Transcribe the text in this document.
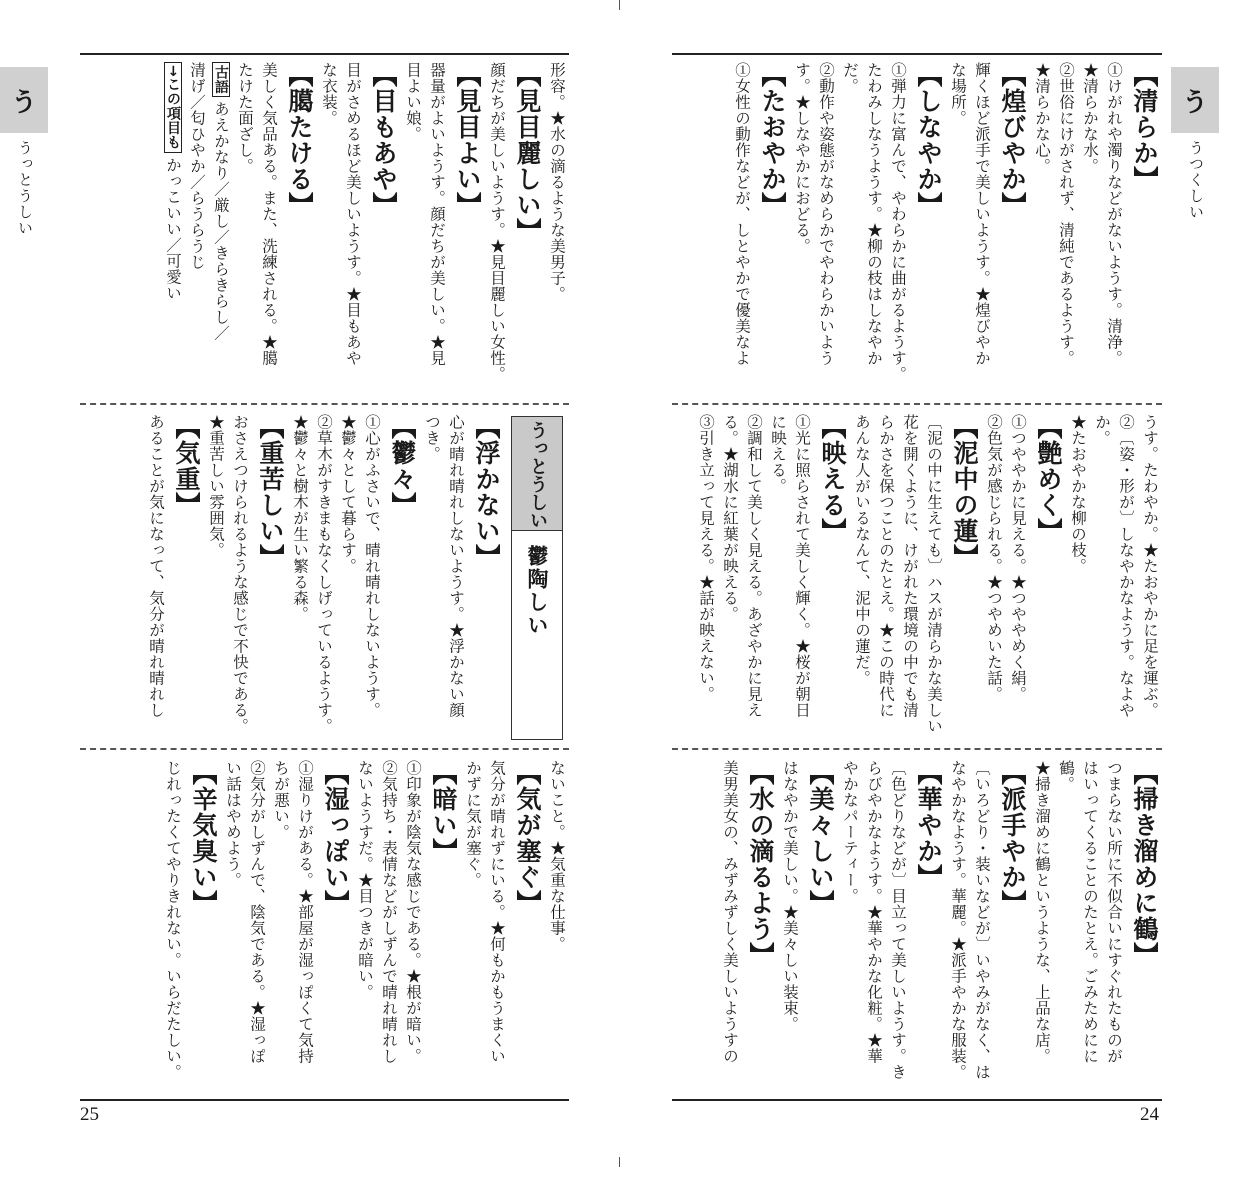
25
う
うっとうしい	形容。★水の滴るような美男子。
【見目麗しい】
顔だちが美しいようす。★見目麗しい女性。
【見目よい】
器量がよいようす。顔だちが美しい。★見
目よい娘。
【目もあや】
目がさめるほど美しいようす。★目もあや
な衣装。
【臈たける】
美しく気品ある。また、洗練される。★臈
たけた面ざし。
古語あえかなり／厳し／きらきらし／
清げ／匂ひやか／らうらうじ
→この項目もかっこいい／可愛い
【浮かない】
心が晴れ晴れしないようす。★浮かない顔
つき。
【鬱々】
①心がふさいで、晴れ晴れしないようす。
★鬱々として暮らす。
②草木がすきまもなくしげっているようす。
★鬱々と樹木が生い繁る森。
【重苦しい】
おさえつけられるような感じで不快である。
★重苦しい雰囲気。
【気重】
あることが気になって、気分が晴れ晴れし
ないこと。★気重な仕事。
【気が塞ぐ】
気分が晴れずにいる。★何もかもうまくい
かずに気が塞ぐ。
【暗い】
①印象が陰気な感じである。★根が暗い。
②気持ち・表情などがしずんで晴れ晴れし
ないようすだ。★目つきが暗い。
【湿っぽい】
①湿りけがある。★部屋が湿っぽくて気持
ちが悪い。
②気分がしずんで、陰気である。★湿っぽ
い話はやめよう。
【辛気臭い】
じれったくてやりきれない。いらだたしい。
うっとうしい
鬱陶しい
24
う
うつくしい
【清らか】
①けがれや濁りなどがないようす。清浄。
★清らかな水。
②世俗にけがされず、清純であるようす。
★清らかな心。
【煌びやか】
輝くほど派手で美しいようす。★煌びやか
な場所。
【しなやか】
①弾力に富んで、やわらかに曲がるようす。
たわみしなうようす。★柳の枝はしなやか
だ。
②動作や姿態がなめらかでやわらかいよう
す。★しなやかにおどる。
【たおやか】
①女性の動作などが、しとやかで優美なよ
うす。たわやか。★たおやかに足を運ぶ。
②〔姿・形が〕しなやかなようす。なよやか。
★たおやかな柳の枝。
【艶めく】
①つややかに見える。★つややめく絹。
②色気が感じられる。★つやめいた話。
【泥中の蓮】
〔泥の中に生えても〕ハスが清らかな美しい
花を開くように、けがれた環境の中でも清
らかさを保つことのたとえ。★この時代に
あんな人がいるなんて、泥中の蓮だ。
【映える】
①光に照らされて美しく輝く。★桜が朝日
に映える。
②調和して美しく見える。あざやかに見え
る。★湖水に紅葉が映える。
③引き立って見える。★話が映えない。
【掃き溜めに鶴】
つまらない所に不似合いにすぐれたものが
はいってくることのたとえ。ごみためにに鶴。
★掃き溜めに鶴というような、上品な店。
【派手やか】
〔いろどり・装いなどが〕いやみがなく、は
なやかなようす。華麗。★派手やかな服装。
【華やか】
〔色どりなどが〕目立って美しいようす。き
らびやかなようす。★華やかな化粧。★華
やかなパーティー。
【美々しい】
はなやかで美しい。★美々しい装束。
【水の滴るよう】
美男美女の、みずみずしく美しいようすの
